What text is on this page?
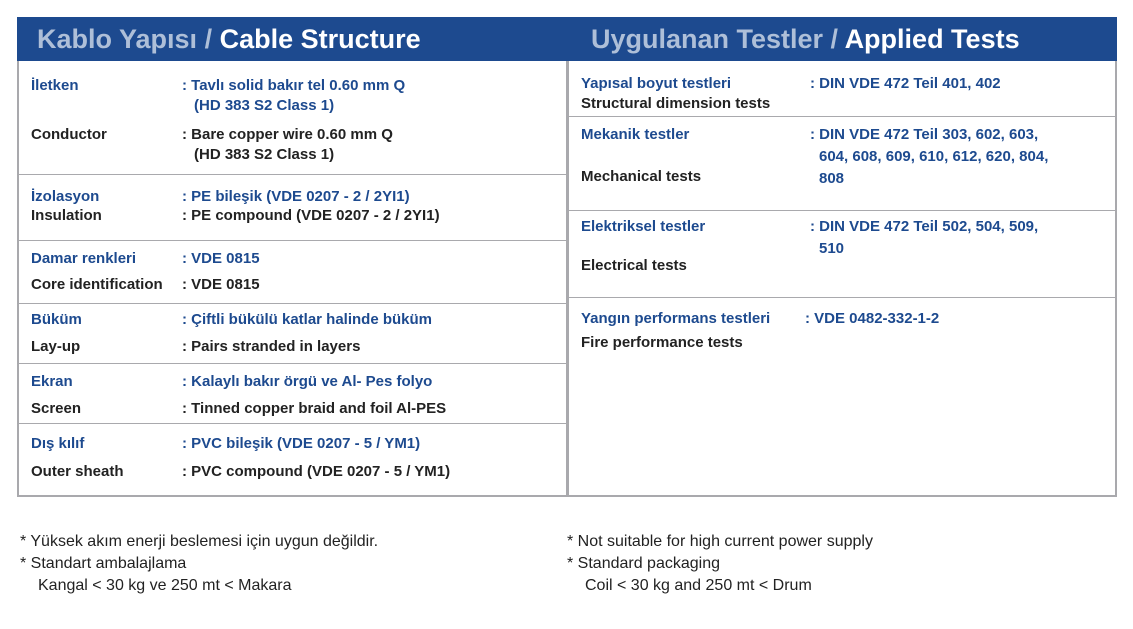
Kablo Yapısı / Cable Structure	Uygulanan Testler / Applied Tests
İletken	: Tavlı solid bakır tel 0.60 mm Q
(HD 383 S2 Class 1)
Conductor	: Bare copper wire 0.60 mm Q
(HD 383 S2 Class 1)
İzolasyon	: PE bileşik (VDE 0207 - 2 / 2YI1)
Insulation	: PE compound (VDE 0207 - 2 / 2YI1)
Damar renkleri	: VDE 0815
Core identification : VDE 0815
Büküm	: Çiftli bükülü katlar halinde büküm
Lay-up	: Pairs stranded in layers
Ekran	: Kalaylı bakır örgü ve Al- Pes folyo
Screen	: Tinned copper braid and foil Al-PES
Dış kılıf	: PVC bileşik (VDE 0207 - 5 / YM1)
Outer sheath	: PVC compound (VDE 0207 - 5 / YM1)
Yapısal boyut testleri	: DIN VDE 472 Teil 401, 402
Structural dimension tests
Mekanik testler	: DIN VDE 472 Teil 303, 602, 603,
604, 608, 609, 610, 612, 620, 804,
808
Mechanical tests
Elektriksel testler	: DIN VDE 472 Teil 502, 504, 509,
510
Electrical tests
Yangın performans testleri : VDE 0482-332-1-2
Fire performance tests
* Yüksek akım enerji beslemesi için uygun değildir.
* Standart ambalajlama
Kangal < 30 kg ve 250 mt < Makara
* Not suitable for high current power supply
* Standard packaging
Coil < 30 kg and 250 mt < Drum
